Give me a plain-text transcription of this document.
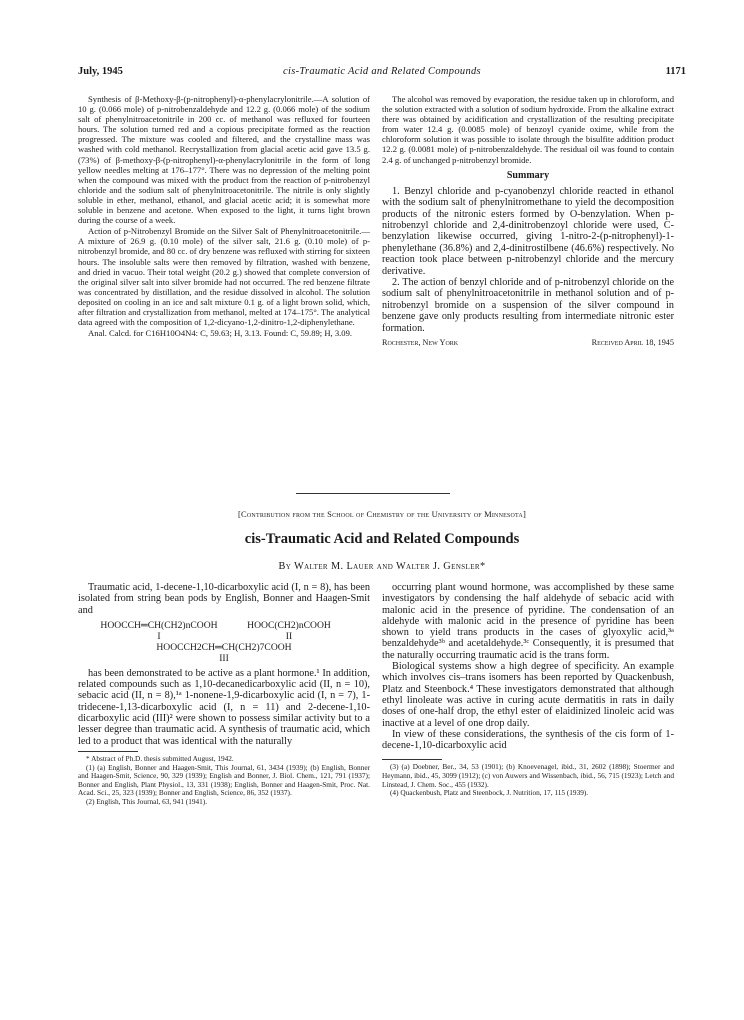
July, 1945	cis-Traumatic Acid and Related Compounds	1171

Synthesis of β-Methoxy-β-(p-nitrophenyl)-α-phenylacrylonitrile.—A solution of 10 g. (0.066 mole) of p-nitrobenzaldehyde and 12.2 g. (0.066 mole) of the sodium salt of phenylnitroacetonitrile in 200 cc. of methanol was refluxed for fourteen hours. The solution turned red and a copious precipitate formed as the reaction progressed. The mixture was cooled and filtered, and the crystalline mass was washed with cold methanol. Recrystallization from glacial acetic acid gave 13.5 g. (73%) of β-methoxy-β-(p-nitrophenyl)-α-phenylacrylonitrile in the form of long yellow needles melting at 176–177°. There was no depression of the melting point when the compound was mixed with the product from the reaction of p-nitrobenzyl chloride and the sodium salt of phenylnitroacetonitrile. The nitrile is only slightly soluble in ether, methanol, ethanol, and glacial acetic acid; it is somewhat more soluble in benzene and acetone. When exposed to the light, it turns light brown during the course of a week.

Action of p-Nitrobenzyl Bromide on the Silver Salt of Phenylnitroacetonitrile.—A mixture of 26.9 g. (0.10 mole) of the silver salt, 21.6 g. (0.10 mole) of p-nitrobenzyl bromide, and 80 cc. of dry benzene was refluxed with stirring for sixteen hours. The insoluble salts were then removed by filtration, washed with benzene, and dried in vacuo. Their total weight (20.2 g.) showed that complete conversion of the original silver salt into silver bromide had not occurred. The red benzene filtrate was concentrated by distillation, and the residue dissolved in alcohol. The solution deposited on cooling in an ice and salt mixture 0.1 g. of a light brown solid, which, after filtration and crystallization from methanol, melted at 174–175°. The analytical data agreed with the composition of 1,2-dicyano-1,2-dinitro-1,2-diphenylethane.

Anal. Calcd. for C16H10O4N4: C, 59.63; H, 3.13. Found: C, 59.89; H, 3.09.

The alcohol was removed by evaporation, the residue taken up in chloroform, and the solution extracted with a solution of sodium hydroxide. From the alkaline extract there was obtained by acidification and crystallization of the resulting precipitate from water 12.4 g. (0.0085 mole) of benzoyl cyanide oxime, while from the chloroform solution it was possible to isolate through the bisulfite addition product 12.2 g. (0.0081 mole) of p-nitrobenzaldehyde. The residual oil was found to contain 2.4 g. of unchanged p-nitrobenzyl bromide.

Summary

1. Benzyl chloride and p-cyanobenzyl chloride reacted in ethanol with the sodium salt of phenylnitromethane to yield the decomposition products of the nitronic esters formed by O-benzylation. When p-nitrobenzyl chloride and 2,4-dinitrobenzoyl chloride were used, C-benzylation likewise occurred, giving 1-nitro-2-(p-nitrophenyl)-1-phenylethane (36.8%) and 2,4-dinitrostilbene (46.6%) respectively. No reaction took place between p-nitrobenzyl chloride and the mercury derivative.

2. The action of benzyl chloride and of p-nitrobenzyl chloride on the sodium salt of phenylnitroacetonitrile in methanol solution and of p-nitrobenzyl bromide on a suspension of the silver compound in benzene gave only products resulting from intermediate nitronic ester formation.

Rochester, New York	Received April 18, 1945
[Contribution from the School of Chemistry of the University of Minnesota]
cis-Traumatic Acid and Related Compounds
By Walter M. Lauer and Walter J. Gensler*

Traumatic acid, 1-decene-1,10-dicarboxylic acid (I, n = 8), has been isolated from string bean pods by English, Bonner and Haagen-Smit and

HOOCCH═CH(CH2)nCOOH	HOOC(CH2)nCOOH
I	II
HOOCCH2CH═CH(CH2)7COOH
III

has been demonstrated to be active as a plant hormone.¹ In addition, related compounds such as 1,10-decanedicarboxylic acid (II, n = 10), sebacic acid (II, n = 8),¹ᵃ 1-nonene-1,9-dicarboxylic acid (I, n = 7), 1-tridecene-1,13-dicarboxylic acid (I, n = 11) and 2-decene-1,10-dicarboxylic acid (III)² were shown to possess similar activity but to a lesser degree than traumatic acid. A synthesis of traumatic acid, which led to a product that was identical with the naturally

* Abstract of Ph.D. thesis submitted August, 1942.

(1) (a) English, Bonner and Haagen-Smit, This Journal, 61, 3434 (1939); (b) English, Bonner and Haagen-Smit, Science, 90, 329 (1939); English and Bonner, J. Biol. Chem., 121, 791 (1937); Bonner and English, Plant Physiol., 13, 331 (1938); English, Bonner and Haagen-Smit, Proc. Nat. Acad. Sci., 25, 323 (1939); Bonner and English, Science, 86, 352 (1937).

(2) English, This Journal, 63, 941 (1941).

occurring plant wound hormone, was accomplished by these same investigators by condensing the half aldehyde of sebacic acid with malonic acid in the presence of pyridine. The condensation of an aldehyde with malonic acid in the presence of pyridine has been shown to yield trans products in the cases of glyoxylic acid,³ᵃ benzaldehyde³ᵇ and acetaldehyde.³ᶜ Consequently, it is presumed that the naturally occurring traumatic acid is the trans form.

Biological systems show a high degree of specificity. An example which involves cis–trans isomers has been reported by Quackenbush, Platz and Steenbock.⁴ These investigators demonstrated that although ethyl linoleate was active in curing acute dermatitis in rats in daily doses of one-half drop, the ethyl ester of elaidinized linoleic acid was inactive at a level of one drop daily.

In view of these considerations, the synthesis of the cis form of 1-decene-1,10-dicarboxylic acid

(3) (a) Doebner, Ber., 34, 53 (1901); (b) Knoevenagel, ibid., 31, 2602 (1898); Stoermer and Heymann, ibid., 45, 3099 (1912); (c) von Auwers and Wissenbach, ibid., 56, 715 (1923); Letch and Linstead, J. Chem. Soc., 455 (1932).

(4) Quackenbush, Platz and Steenbock, J. Nutrition, 17, 115 (1939).
